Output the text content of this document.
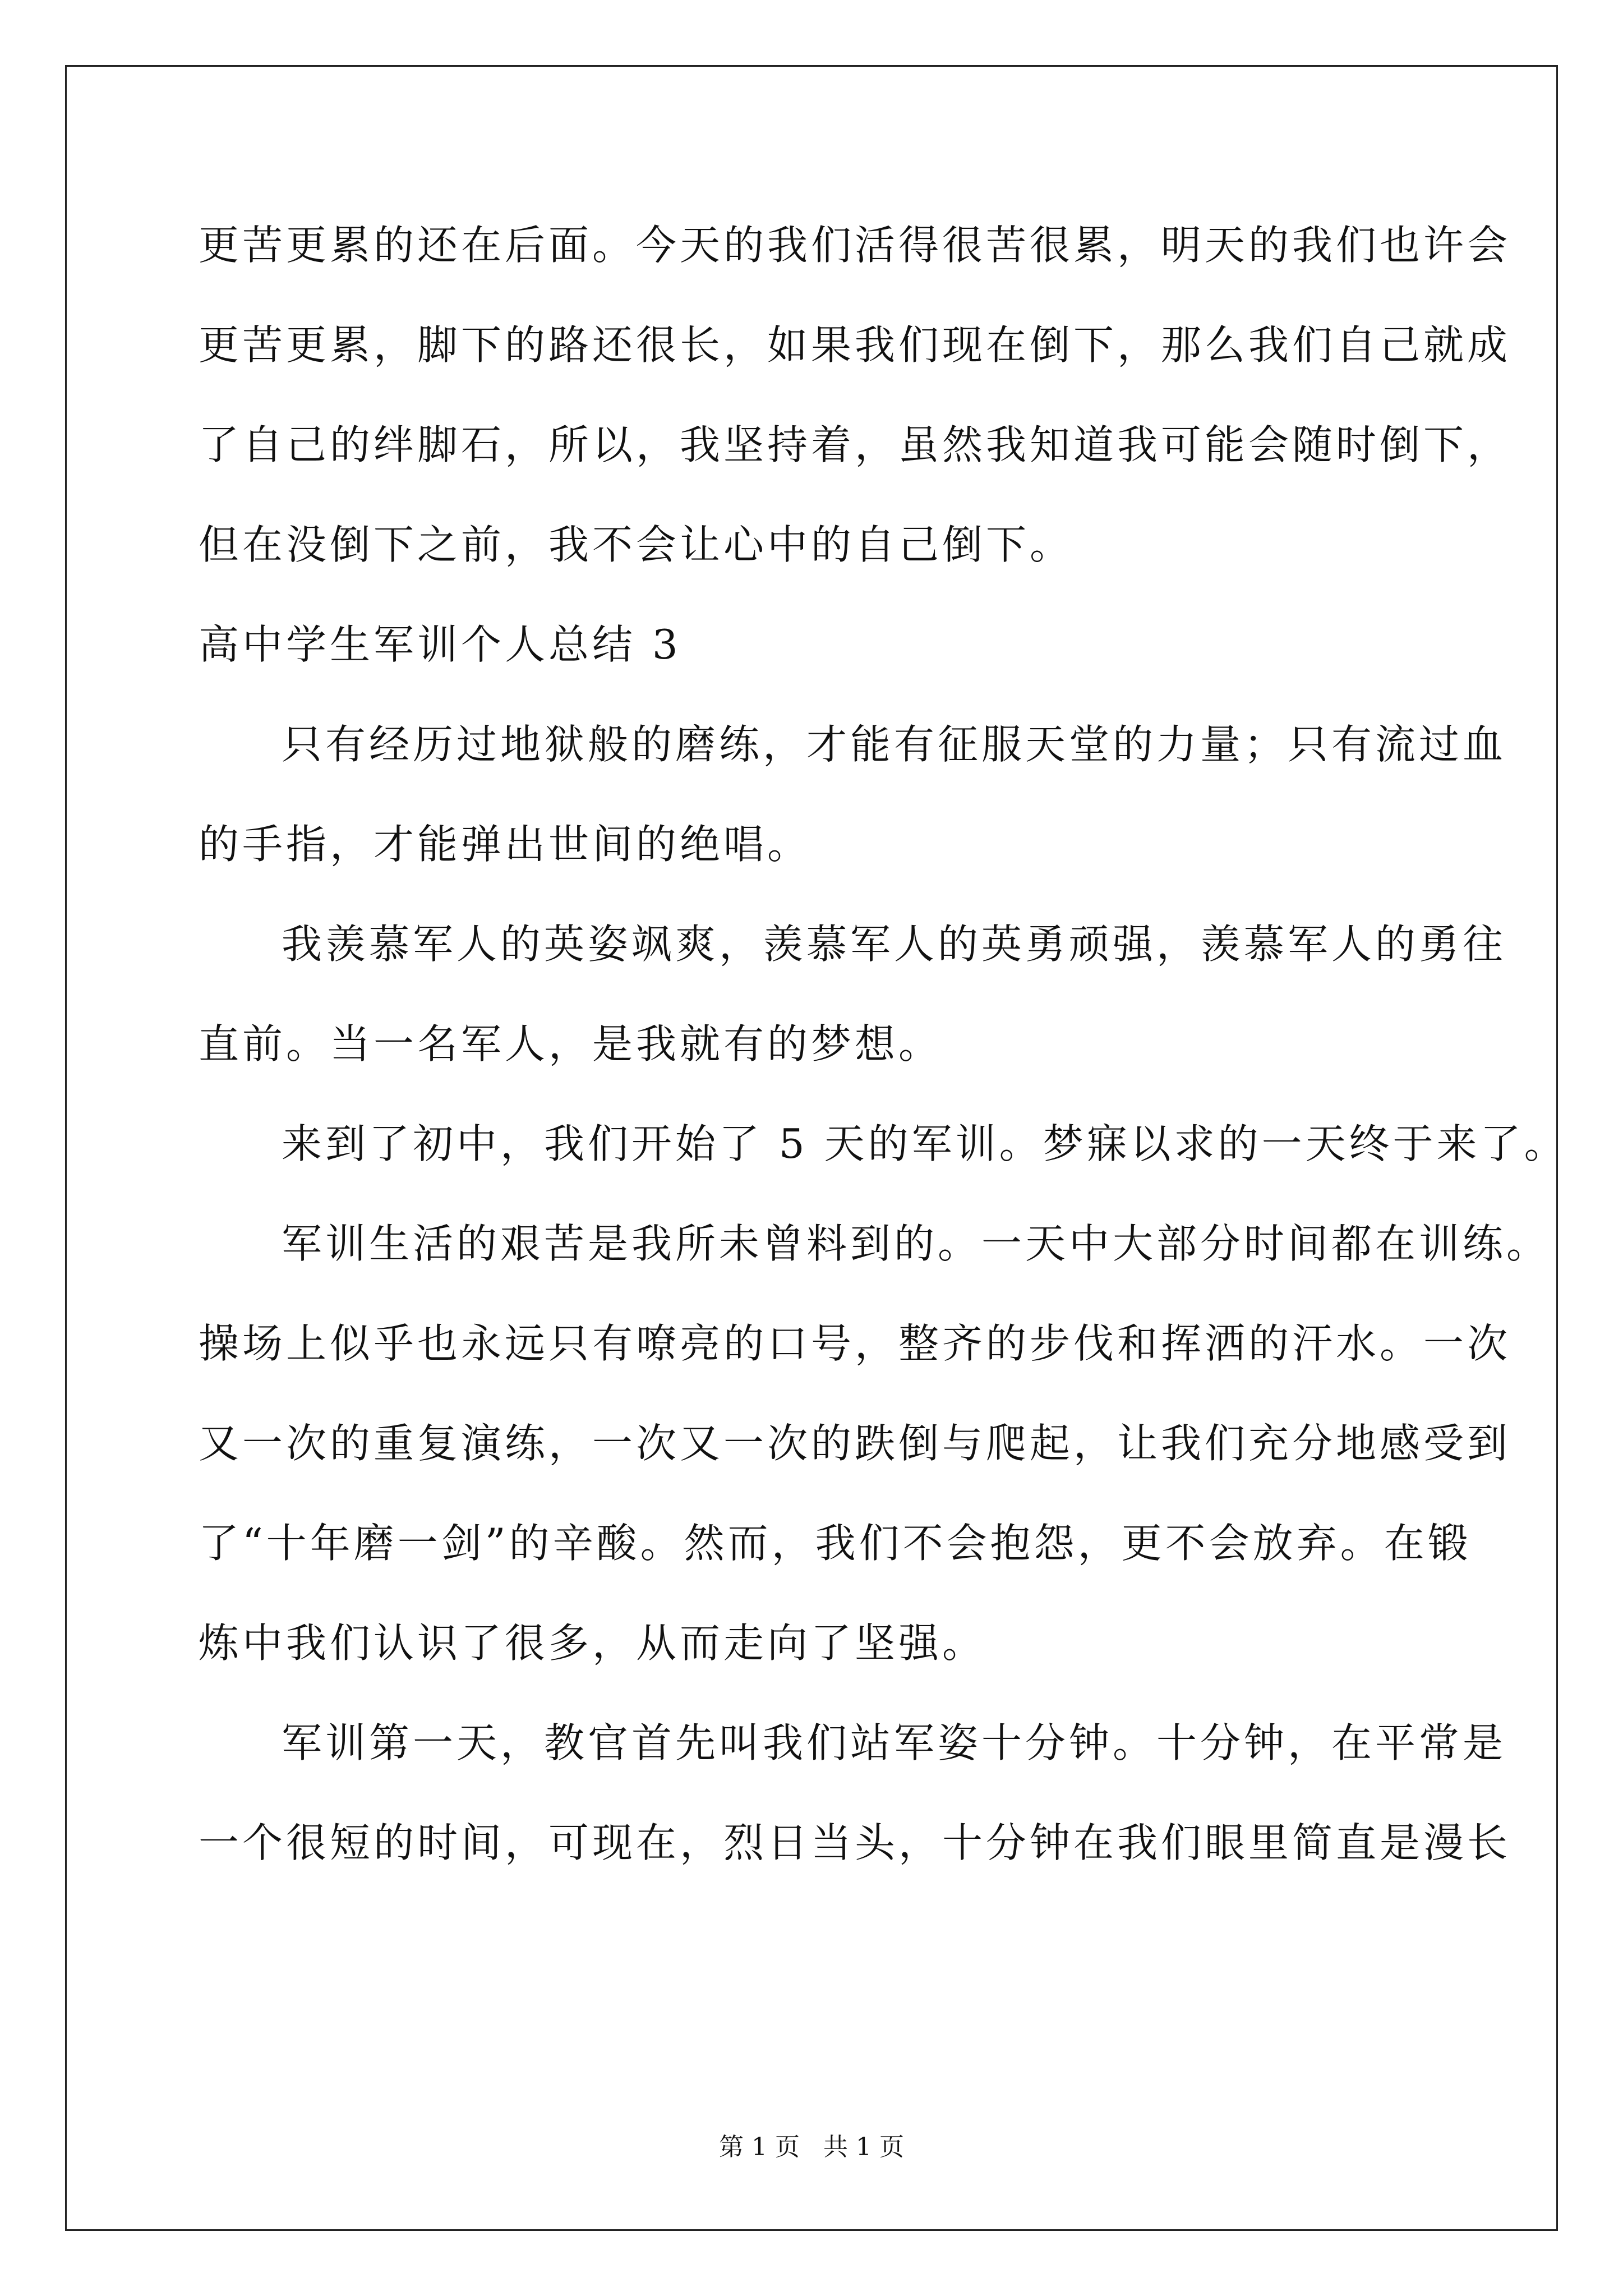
更苦更累的还在后面。今天的我们活得很苦很累，明天的我们也许会
更苦更累，脚下的路还很长，如果我们现在倒下，那么我们自己就成
了自己的绊脚石，所以，我坚持着，虽然我知道我可能会随时倒下，
但在没倒下之前，我不会让心中的自己倒下。
高中学生军训个人总结 3
只有经历过地狱般的磨练，才能有征服天堂的力量；只有流过血
的手指，才能弹出世间的绝唱。
我羡慕军人的英姿飒爽，羡慕军人的英勇顽强，羡慕军人的勇往
直前。当一名军人，是我就有的梦想。
来到了初中，我们开始了 5 天的军训。梦寐以求的一天终于来了。
军训生活的艰苦是我所未曾料到的。一天中大部分时间都在训练。
操场上似乎也永远只有嘹亮的口号，整齐的步伐和挥洒的汗水。一次
又一次的重复演练，一次又一次的跌倒与爬起，让我们充分地感受到
了“十年磨一剑”的辛酸。然而，我们不会抱怨，更不会放弃。在锻
炼中我们认识了很多，从而走向了坚强。
军训第一天，教官首先叫我们站军姿十分钟。十分钟，在平常是
一个很短的时间，可现在，烈日当头，十分钟在我们眼里简直是漫长
第 1 页 共 1 页
